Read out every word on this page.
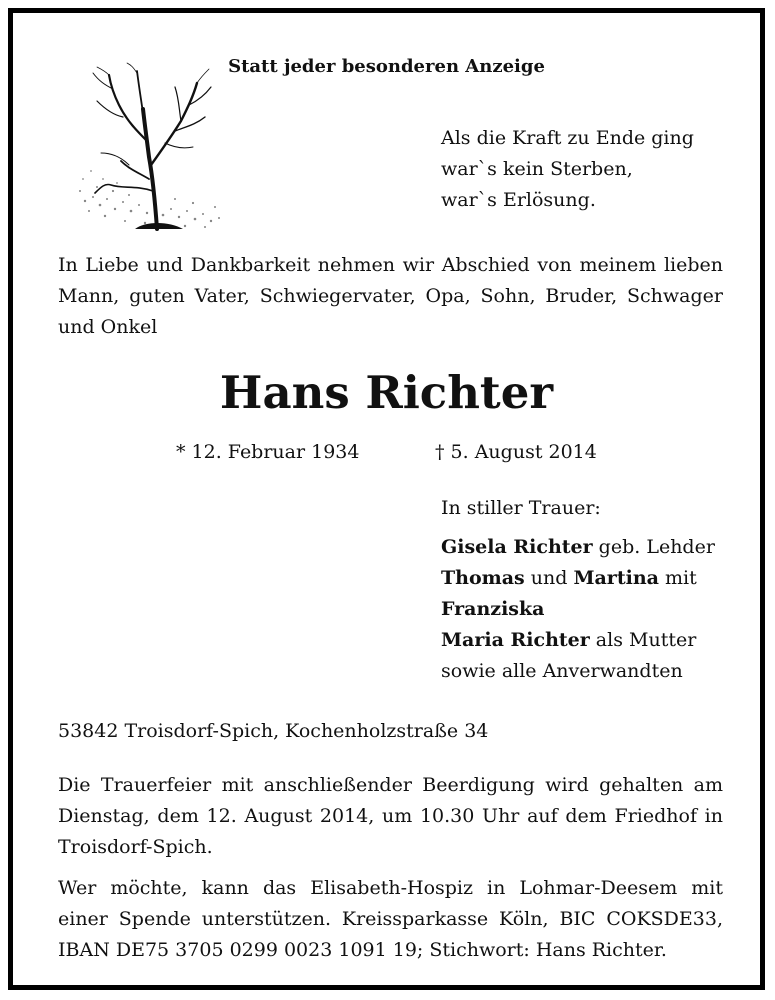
Statt jeder besonderen Anzeige
Als die Kraft zu Ende ging
war`s kein Sterben,
war`s Erlösung.
In Liebe und Dankbarkeit nehmen wir Abschied von meinem lieben Mann, guten Vater, Schwiegervater, Opa, Sohn, Bruder, Schwager und Onkel
Hans Richter
* 12. Februar 1934	† 5. August 2014
In stiller Trauer:
Gisela Richter geb. Lehder
Thomas und Martina mit
Franziska
Maria Richter als Mutter
sowie alle Anverwandten
53842 Troisdorf-Spich, Kochenholzstraße 34
Die Trauerfeier mit anschließender Beerdigung wird gehalten am Dienstag, dem 12. August 2014, um 10.30 Uhr auf dem Friedhof in Troisdorf-Spich.
Wer möchte, kann das Elisabeth-Hospiz in Lohmar-Deesem mit einer Spende unterstützen. Kreissparkasse Köln, BIC COKSDE33, IBAN DE75 3705 0299 0023 1091 19; Stichwort: Hans Richter.
